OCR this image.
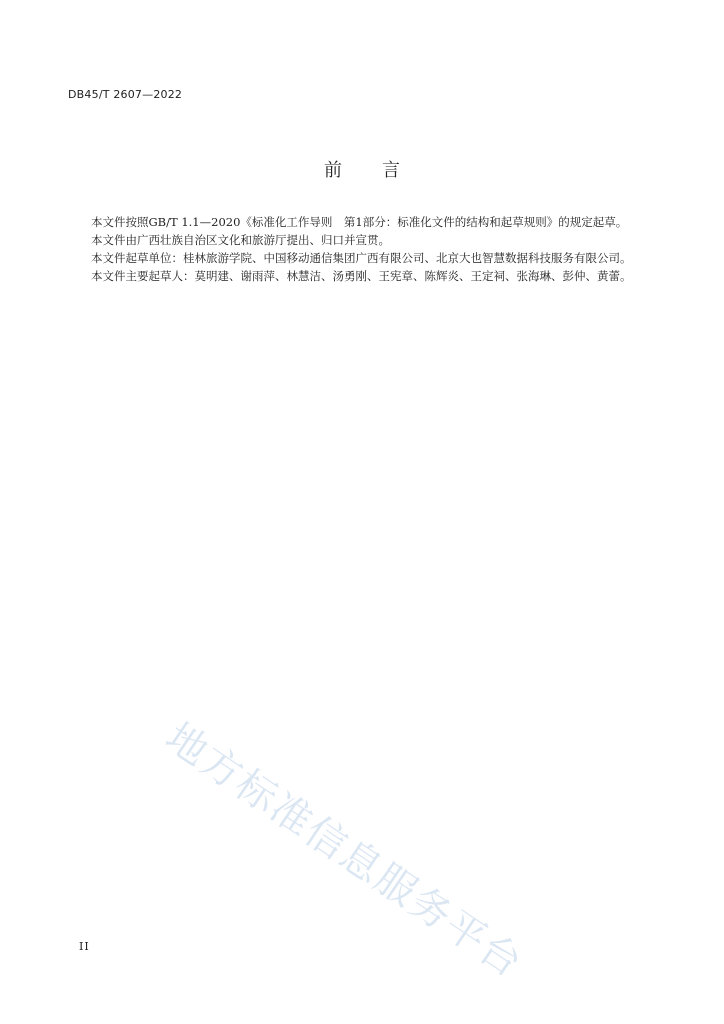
DB45/T 2607—2022
前 言

本文件按照GB/T 1.1—2020《标准化工作导则　第1部分：标准化文件的结构和起草规则》的规定起草。

本文件由广西壮族自治区文化和旅游厅提出、归口并宣贯。

本文件起草单位：桂林旅游学院、中国移动通信集团广西有限公司、北京大也智慧数据科技服务有限公司。

本文件主要起草人：莫明建、谢雨萍、林慧洁、汤勇刚、王宪章、陈辉炎、王定祠、张海琳、彭仲、黄蕾。

地方标准信息服务平台
II
